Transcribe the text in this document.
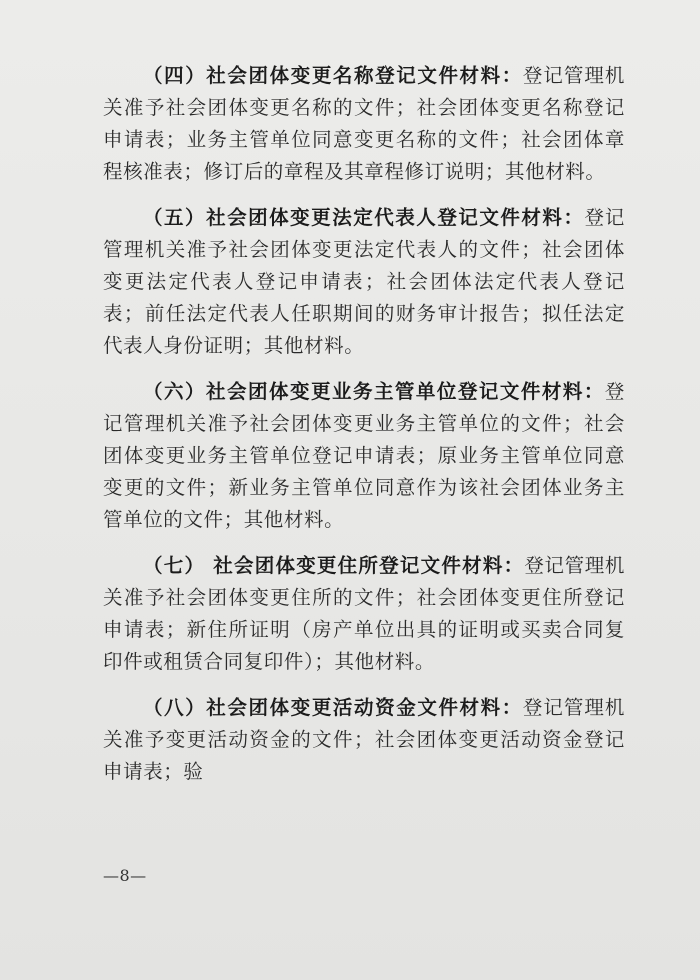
（四）社会团体变更名称登记文件材料：登记管理机关准予社会团体变更名称的文件；社会团体变更名称登记申请表；业务主管单位同意变更名称的文件；社会团体章程核准表；修订后的章程及其章程修订说明；其他材料。

（五）社会团体变更法定代表人登记文件材料：登记管理机关准予社会团体变更法定代表人的文件；社会团体变更法定代表人登记申请表；社会团体法定代表人登记表；前任法定代表人任职期间的财务审计报告；拟任法定代表人身份证明；其他材料。

（六）社会团体变更业务主管单位登记文件材料：登记管理机关准予社会团体变更业务主管单位的文件；社会团体变更业务主管单位登记申请表；原业务主管单位同意变更的文件；新业务主管单位同意作为该社会团体业务主管单位的文件；其他材料。

（七） 社会团体变更住所登记文件材料：登记管理机关准予社会团体变更住所的文件；社会团体变更住所登记申请表；新住所证明（房产单位出具的证明或买卖合同复印件或租赁合同复印件）；其他材料。

（八）社会团体变更活动资金文件材料：登记管理机关准予变更活动资金的文件；社会团体变更活动资金登记申请表；验

—8—
